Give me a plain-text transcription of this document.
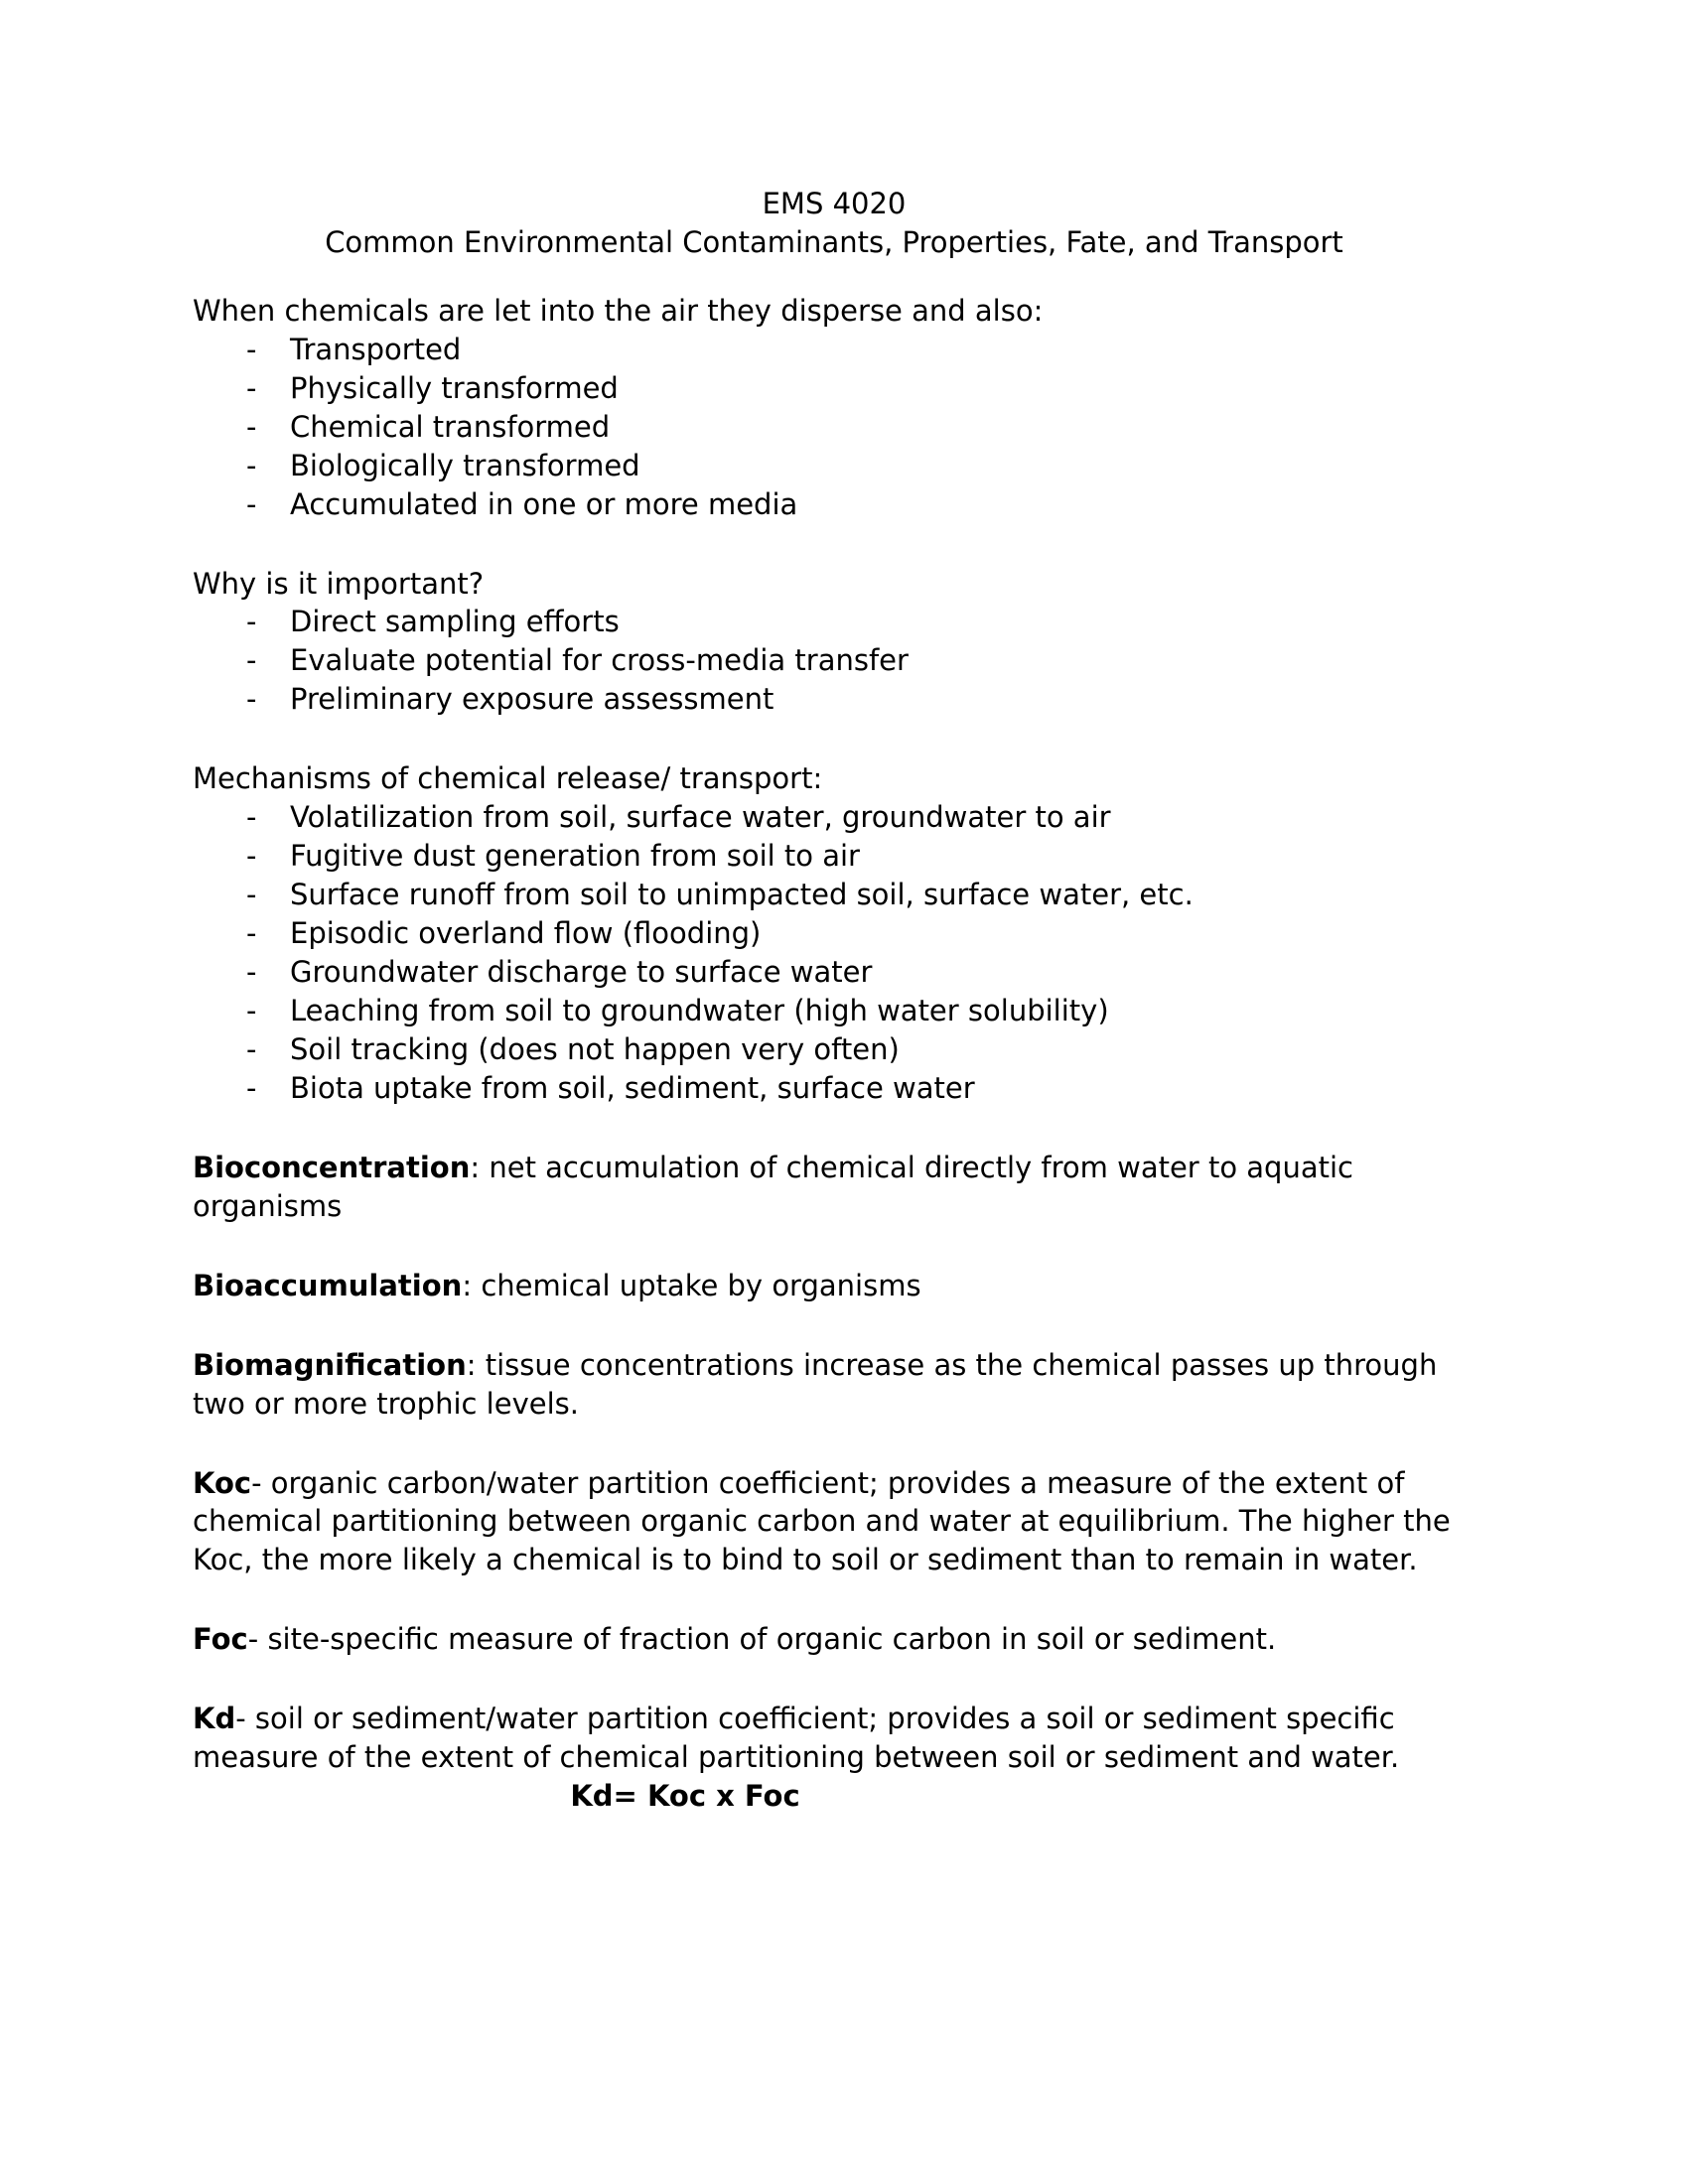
EMS 4020
Common Environmental Contaminants, Properties, Fate, and Transport

When chemicals are let into the air they disperse and also:

- Transported
- Physically transformed
- Chemical transformed
- Biologically transformed
- Accumulated in one or more media

Why is it important?

- Direct sampling efforts
- Evaluate potential for cross-media transfer
- Preliminary exposure assessment

Mechanisms of chemical release/ transport:

- Volatilization from soil, surface water, groundwater to air
- Fugitive dust generation from soil to air
- Surface runoff from soil to unimpacted soil, surface water, etc.
- Episodic overland flow (flooding)
- Groundwater discharge to surface water
- Leaching from soil to groundwater (high water solubility)
- Soil tracking (does not happen very often)
- Biota uptake from soil, sediment, surface water

Bioconcentration: net accumulation of chemical directly from water to aquatic organisms

Bioaccumulation: chemical uptake by organisms

Biomagnification: tissue concentrations increase as the chemical passes up through two or more trophic levels.

Koc- organic carbon/water partition coefficient; provides a measure of the extent of chemical partitioning between organic carbon and water at equilibrium. The higher the Koc, the more likely a chemical is to bind to soil or sediment than to remain in water.

Foc- site-specific measure of fraction of organic carbon in soil or sediment.

Kd- soil or sediment/water partition coefficient; provides a soil or sediment specific measure of the extent of chemical partitioning between soil or sediment and water.

Kd= Koc x Foc
